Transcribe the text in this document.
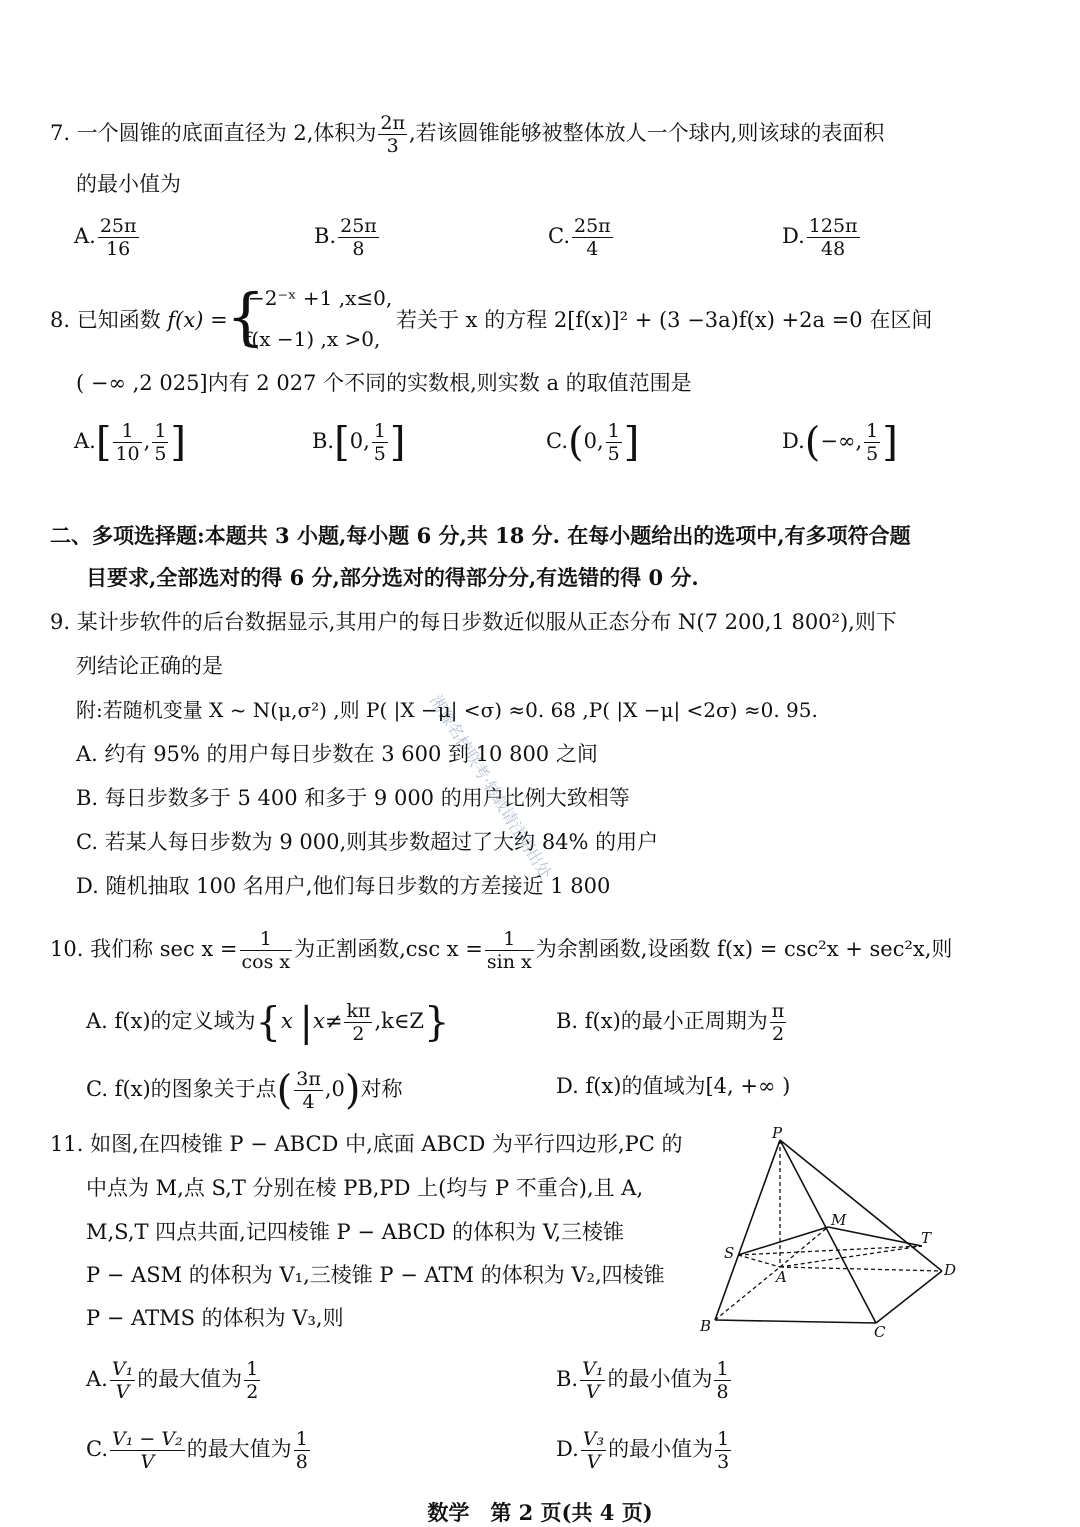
湘豫名校联考·转载请注明出处
7. 一个圆锥的底面直径为 2,体积为 $\frac{2\pi}{3}$ ,若该圆锥能够被整体放人一个球内,则该球的表面积
的最小值为
A. $\frac{25\pi}{16}$	B. $\frac{25\pi}{8}$	C. $\frac{25\pi}{4}$	D. $\frac{125\pi}{48}$
8. 已知函数 f(x) =
{
−2⁻ˣ +1 ,x≤0,
f(x −1) ,x >0,
若关于 x 的方程 2[f(x)]² + (3 −3a)f(x) +2a =0 在区间
( −∞ ,2 025]内有 2 027 个不同的实数根,则实数 a 的取值范围是
$A.[ \frac{1}{10}$ , $\frac{1}{5}$ ]	B.[0, $\frac{1}{5}$ ]	C.(0, $\frac{1}{5}$ ]	D.(−∞, $\frac{1}{5}$ ]
二、多项选择题:本题共 3 小题,每小题 6 分,共 18 分. 在每小题给出的选项中,有多项符合题
目要求,全部选对的得 6 分,部分选对的得部分分,有选错的得 0 分.
9. 某计步软件的后台数据显示,其用户的每日步数近似服从正态分布 N(7 200,1 800²),则下
列结论正确的是
附:若随机变量 X ~ N(μ,σ²) ,则 P( |X −μ| <σ) ≈0. 68 ,P( |X −μ| <2σ) ≈0. 95.
A. 约有 95% 的用户每日步数在 3 600 到 10 800 之间
B. 每日步数多于 5 400 和多于 9 000 的用户比例大致相等
C. 若某人每日步数为 9 000,则其步数超过了大约 84% 的用户
D. 随机抽取 100 名用户,他们每日步数的方差接近 1 800
10. 我们称 $\sec x = \frac{1}{\text{cos x}}$ 为正割函数,csc $x = \frac{1}{\text{sin x}}$ 为余割函数,设函数 f(x) = csc²x + sec²x,则
A. f(x)的定义域为{x $|x\ne \frac{k\pi}{2}$ ,k∈Z}	B. f(x)的最小正周期为 $\frac{\pi}{2}$
C. f(x)的图象关于点( $\frac{3\pi}{4} ,0$)对称	D. f(x)的值域为[4, +∞ )
11. 如图,在四棱锥 P − ABCD 中,底面 ABCD 为平行四边形,PC 的
中点为 M,点 S,T 分别在棱 PB,PD 上(均与 P 不重合),且 A,
M,S,T 四点共面,记四棱锥 P − ABCD 的体积为 V,三棱锥
P − ASM 的体积为 V₁,三棱锥 P − ATM 的体积为 V₂,四棱锥
P − ATMS 的体积为 V₃,则
P
M
S
T
A	D
B	C
A. $\frac{\text{V₁}}{V}$ 的最大值为 $\frac{1}{2}$	B. $\frac{\text{V₁}}{V}$ 的最小值为 $\frac{1}{8}$
C. $\frac{\text{V₁ − V₂}}{V}$ 的最大值为 $\frac{1}{8}$	D. $\frac{\text{V₃}}{V}$ 的最小值为 $\frac{1}{3}$
数学　第 2 页(共 4 页)
